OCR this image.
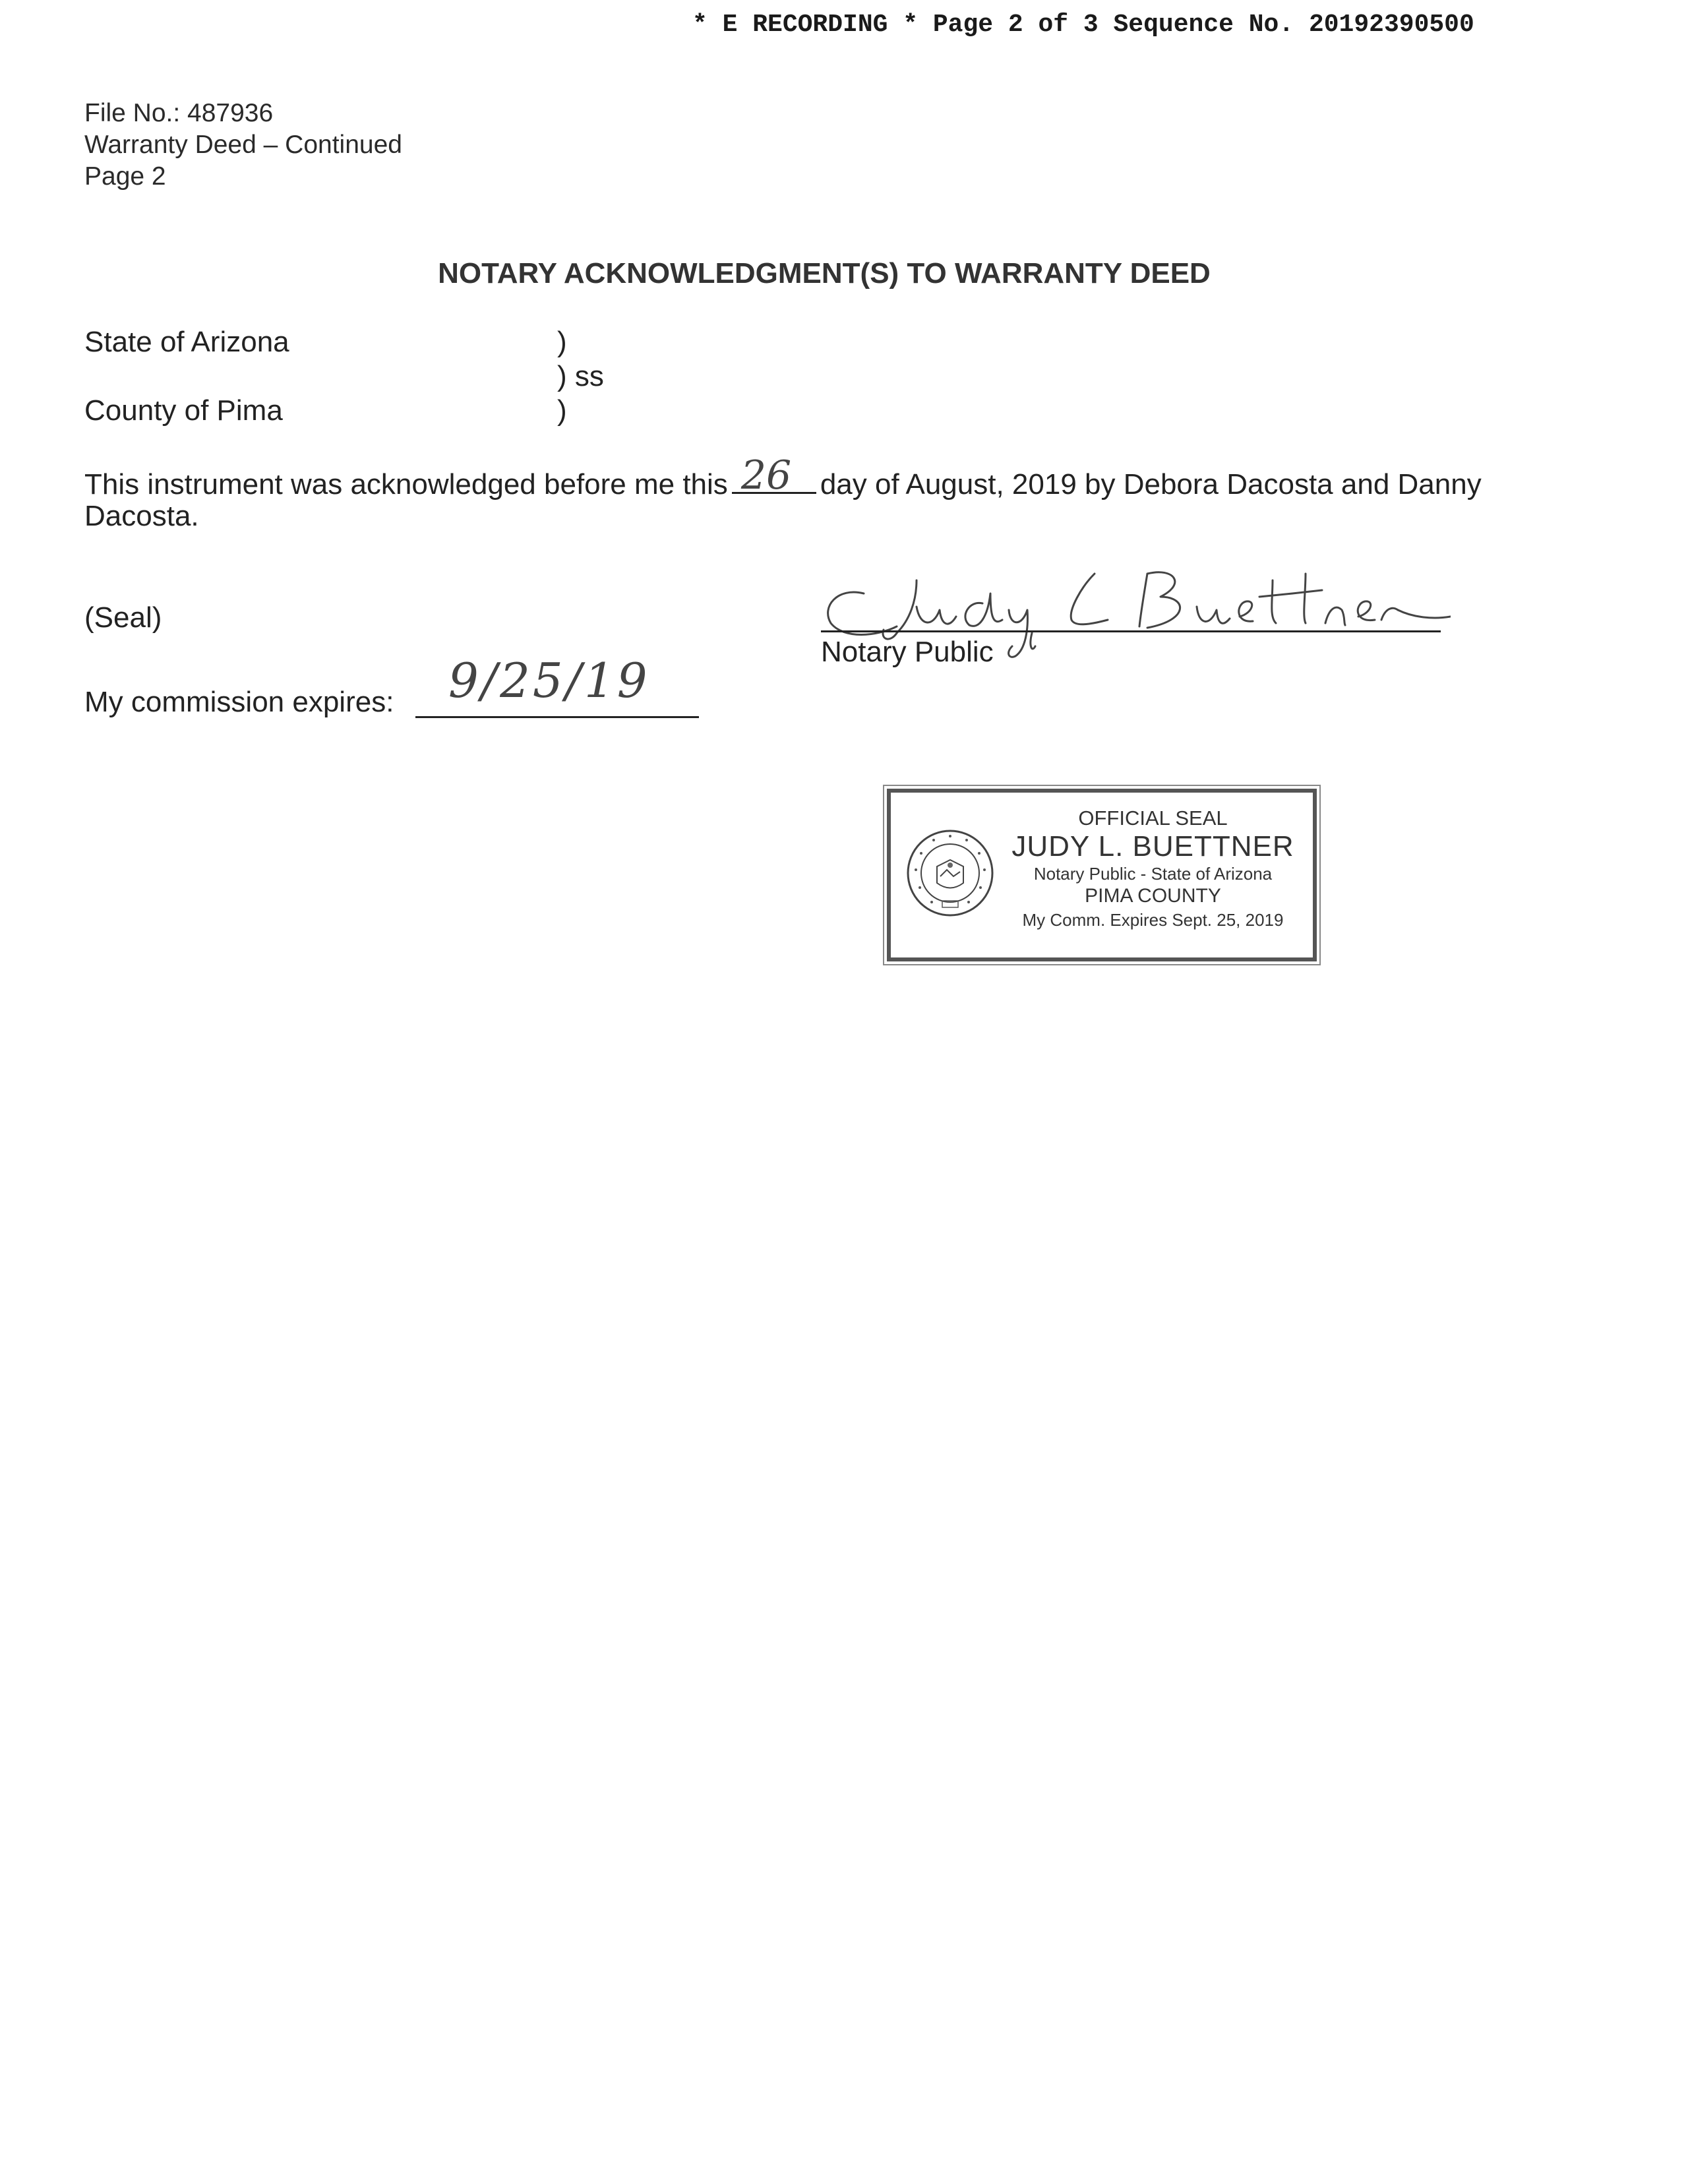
* E RECORDING * Page 2 of 3 Sequence No. 20192390500
File No.: 487936
Warranty Deed – Continued
Page 2
NOTARY ACKNOWLEDGMENT(S) TO WARRANTY DEED
State of Arizona
County of Pima
)
) ss
)
This instrument was acknowledged before me this 26 day of August, 2019 by Debora Dacosta and Danny
Dacosta.
(Seal)
My commission expires: 9/25/19
Notary Public
OFFICIAL SEAL
JUDY L. BUETTNER
Notary Public - State of Arizona
PIMA COUNTY
My Comm. Expires Sept. 25, 2019
